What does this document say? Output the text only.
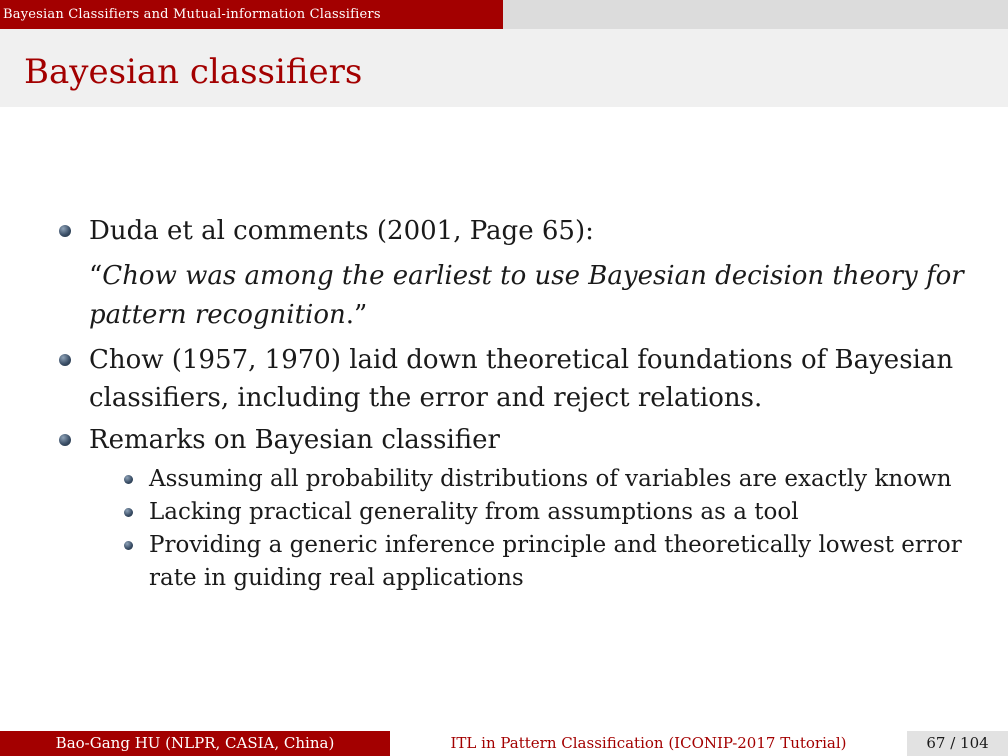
Bayesian Classifiers and Mutual-information Classifiers
Bayesian classifiers
Duda et al comments (2001, Page 65):
“Chow was among the earliest to use Bayesian decision theory for
pattern recognition.”
Chow (1957, 1970) laid down theoretical foundations of Bayesian
classifiers, including the error and reject relations.
Remarks on Bayesian classifier
Assuming all probability distributions of variables are exactly known
Lacking practical generality from assumptions as a tool
Providing a generic inference principle and theoretically lowest error
rate in guiding real applications
Bao-Gang HU (NLPR, CASIA, China)	ITL in Pattern Classification (ICONIP-2017 Tutorial)	67 / 104
